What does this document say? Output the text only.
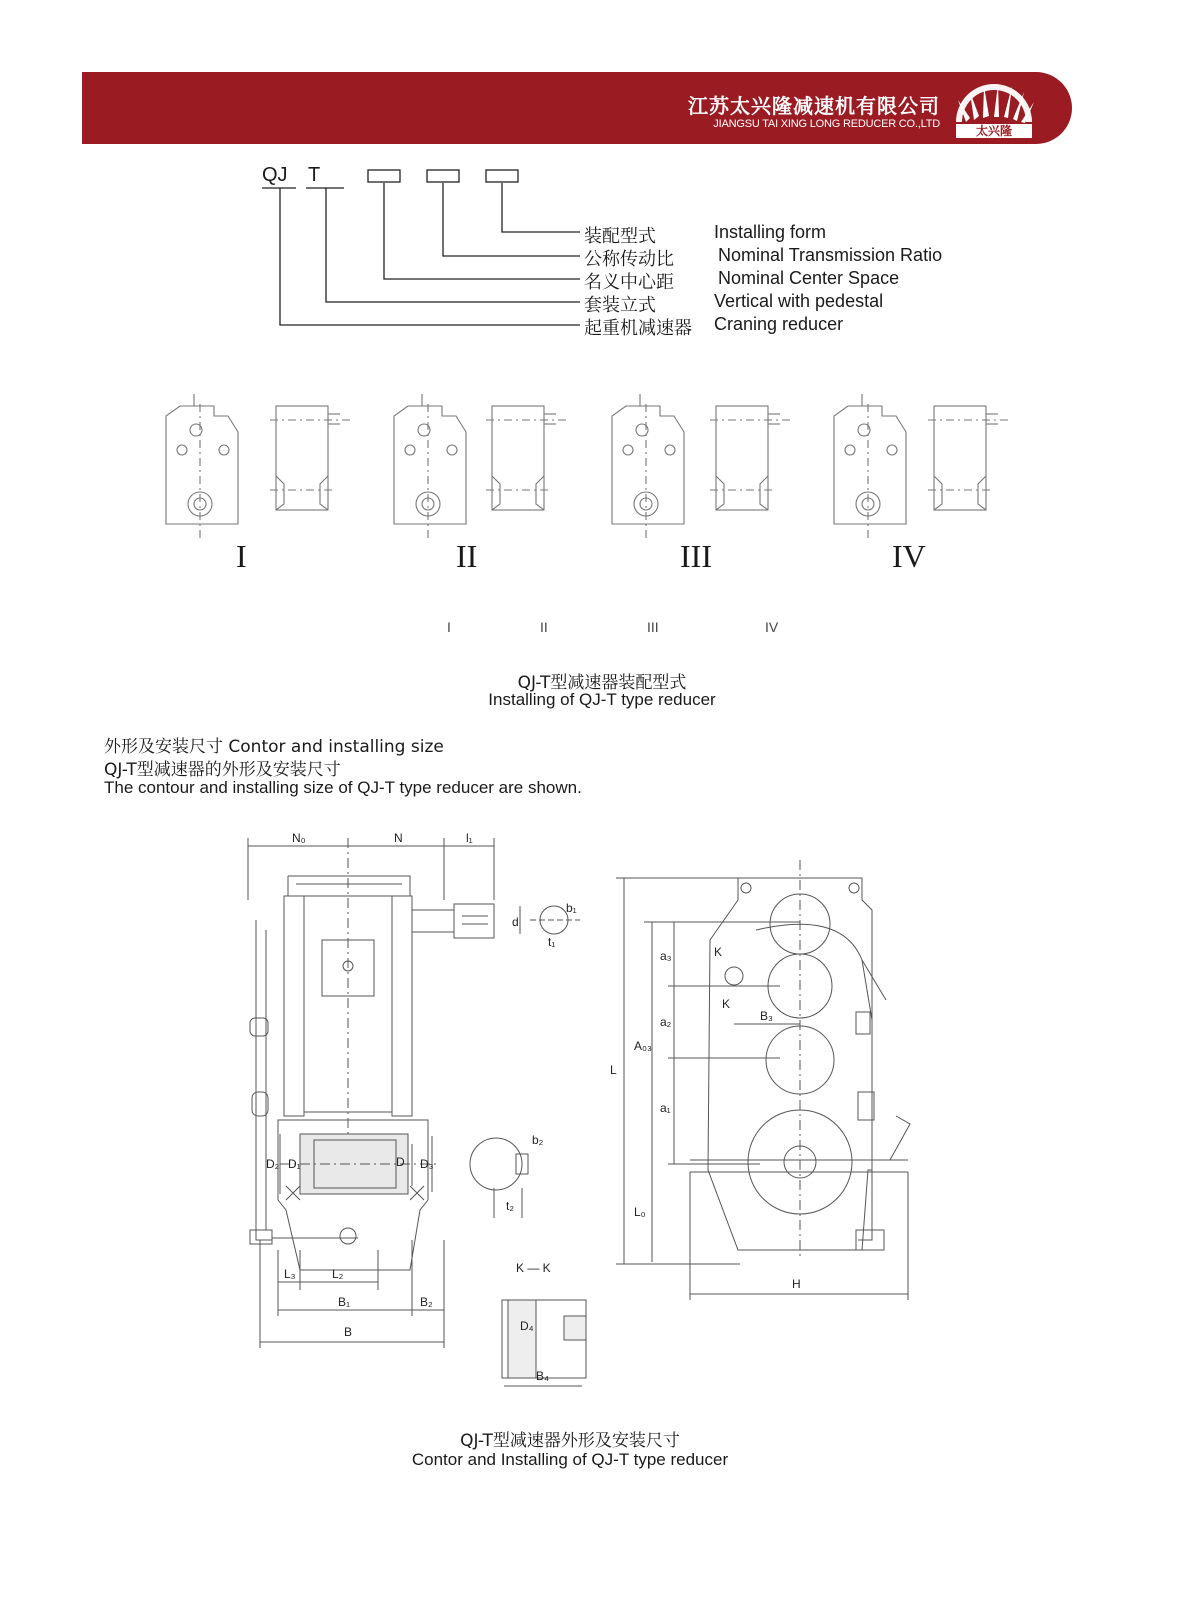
江苏太兴隆减速机有限公司
JIANGSU TAI XING LONG REDUCER CO.,LTD	太兴隆
QJ T
装配型式	Installing form
公称传动比 Nominal Transmission Ratio
名义中心距 Nominal Center Space
套装立式	Vertical with pedestal
起重机减速器 Craning reducer
I	II	III	IV
I	II	III	IV
QJ-T型减速器装配型式
Installing of QJ-T type reducer
外形及安装尺寸 Contor and installing size
QJ-T型减速器的外形及安装尺寸
The contour and installing size of QJ-T type reducer are shown.
N₀	N	l₁
d
b₁
t₁
D₂ D₁	D D₃
b₂
t₂
L₃	L₂
B₁	B₂
B
K — K
D₄
B₄
K
K
B₃
a₃
a₂
a₁
A₀₃
L
L₀
H
QJ-T型减速器外形及安装尺寸
Contor and Installing of QJ-T type reducer
